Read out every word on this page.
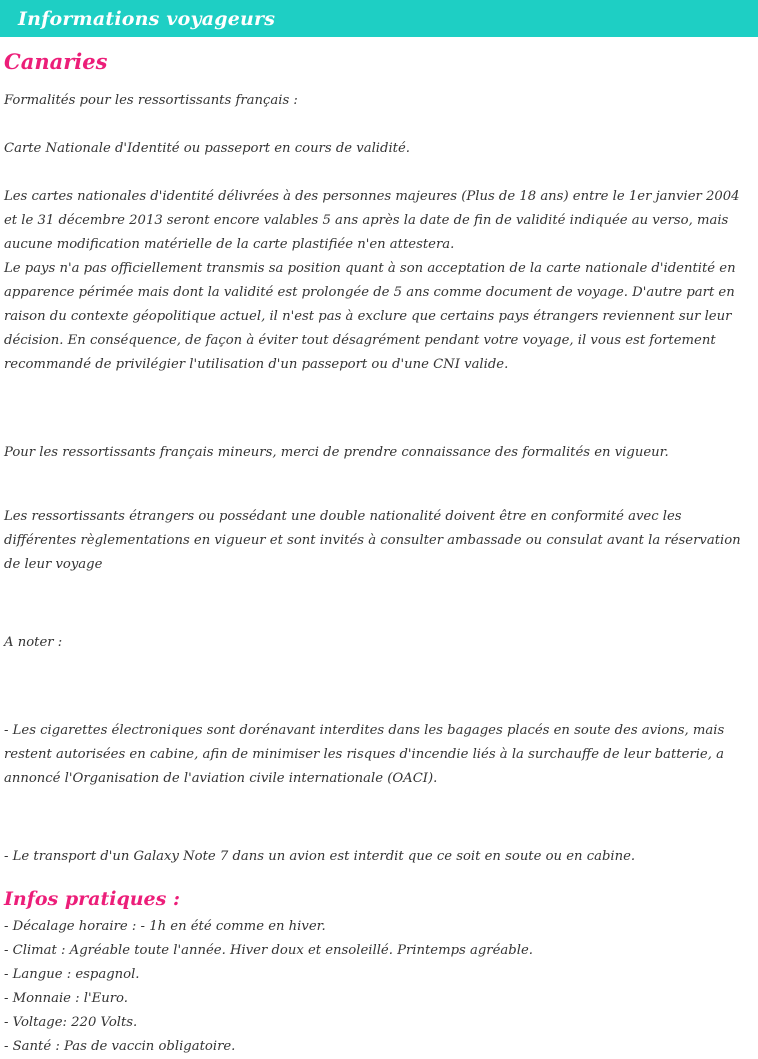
Informations voyageurs
Canaries

Formalités pour les ressortissants français :

Carte Nationale d'Identité ou passeport en cours de validité.

Les cartes nationales d'identité délivrées à des personnes majeures (Plus de 18 ans) entre le 1er janvier 2004 et le 31 décembre 2013 seront encore valables 5 ans après la date de fin de validité indiquée au verso, mais aucune modification matérielle de la carte plastifiée n'en attestera.

Le pays n'a pas officiellement transmis sa position quant à son acceptation de la carte nationale d'identité en apparence périmée mais dont la validité est prolongée de 5 ans comme document de voyage. D'autre part en raison du contexte géopolitique actuel, il n'est pas à exclure que certains pays étrangers reviennent sur leur décision. En conséquence, de façon à éviter tout désagrément pendant votre voyage, il vous est fortement recommandé de privilégier l'utilisation d'un passeport ou d'une CNI valide.

Pour les ressortissants français mineurs, merci de prendre connaissance des formalités en vigueur.

Les ressortissants étrangers ou possédant une double nationalité doivent être en conformité avec les différentes règlementations en vigueur et sont invités à consulter ambassade ou consulat avant la réservation de leur voyage

A noter :

- Les cigarettes électroniques sont dorénavant interdites dans les bagages placés en soute des avions, mais restent autorisées en cabine, afin de minimiser les risques d'incendie liés à la surchauffe de leur batterie, a annoncé l'Organisation de l'aviation civile internationale (OACI).

- Le transport d'un Galaxy Note 7 dans un avion est interdit que ce soit en soute ou en cabine.

Infos pratiques :
- Décalage horaire : - 1h en été comme en hiver.
- Climat : Agréable toute l'année. Hiver doux et ensoleillé. Printemps agréable.
- Langue : espagnol.
- Monnaie : l'Euro.
- Voltage: 220 Volts.
- Santé : Pas de vaccin obligatoire.
